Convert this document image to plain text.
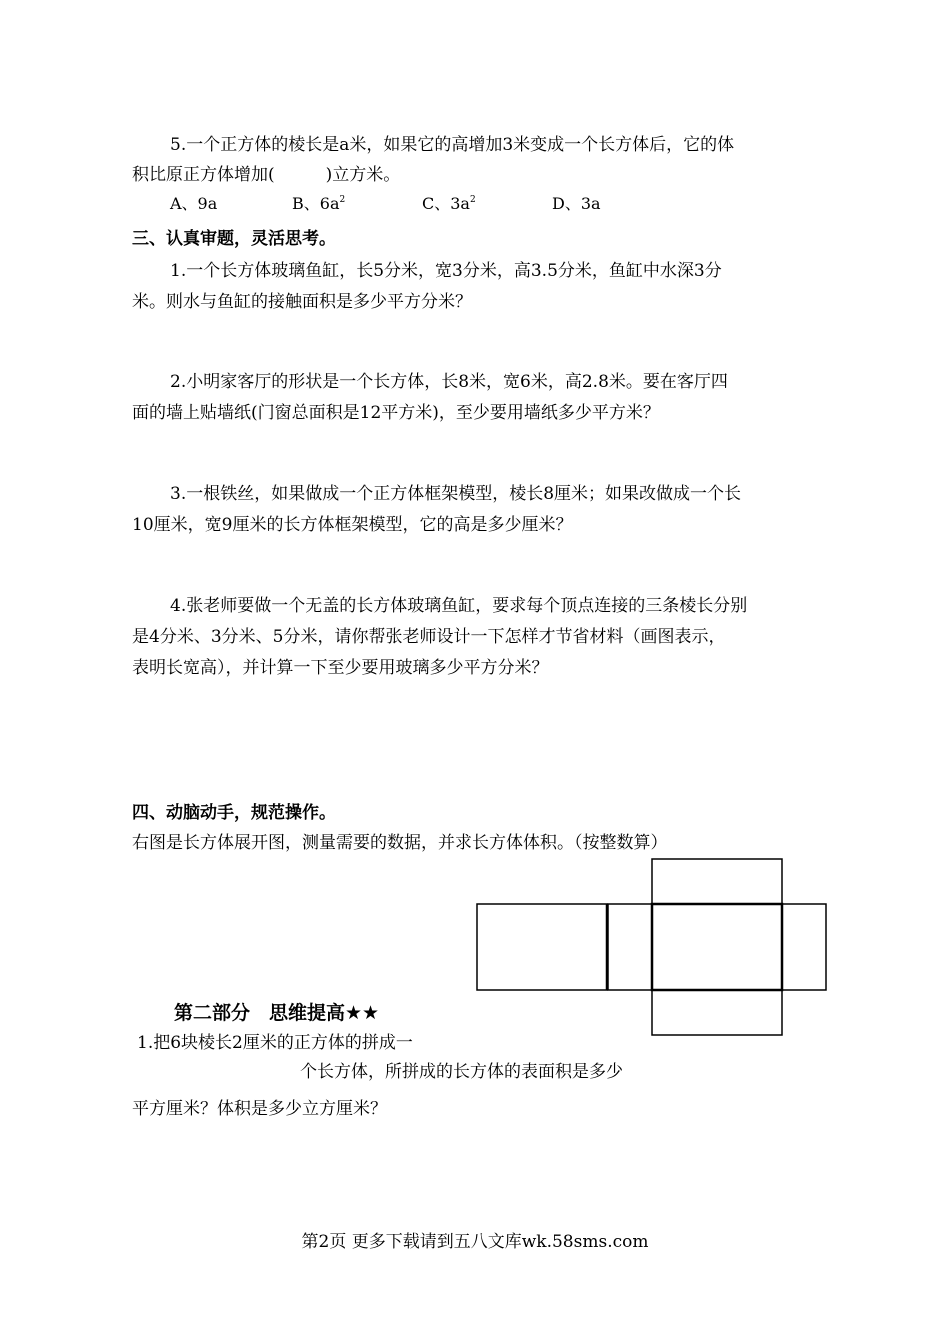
5.一个正方体的棱长是a米，如果它的高增加3米变成一个长方体后，它的体
积比原正方体增加(　　　)立方米。
A、9a	B、$6a^2$	C、$3a^2$	D、3a
三、认真审题，灵活思考。
1.一个长方体玻璃鱼缸，长5分米，宽3分米，高3.5分米，鱼缸中水深3分
米。则水与鱼缸的接触面积是多少平方分米？
2.小明家客厅的形状是一个长方体，长8米，宽6米，高2.8米。要在客厅四
面的墙上贴墙纸(门窗总面积是12平方米)，至少要用墙纸多少平方米？
3.一根铁丝，如果做成一个正方体框架模型，棱长8厘米；如果改做成一个长
10厘米，宽9厘米的长方体框架模型，它的高是多少厘米？
4.张老师要做一个无盖的长方体玻璃鱼缸，要求每个顶点连接的三条棱长分别
是4分米、3分米、5分米，请你帮张老师设计一下怎样才节省材料（画图表示，
表明长宽高），并计算一下至少要用玻璃多少平方分米？
四、动脑动手，规范操作。
右图是长方体展开图，测量需要的数据，并求长方体体积。（按整数算）
第二部分　思维提高★★
1.把6块棱长2厘米的正方体的拼成一
个长方体，所拼成的长方体的表面积是多少
平方厘米？体积是多少立方厘米？
第2页 更多下载请到五八文库wk.58sms.com
